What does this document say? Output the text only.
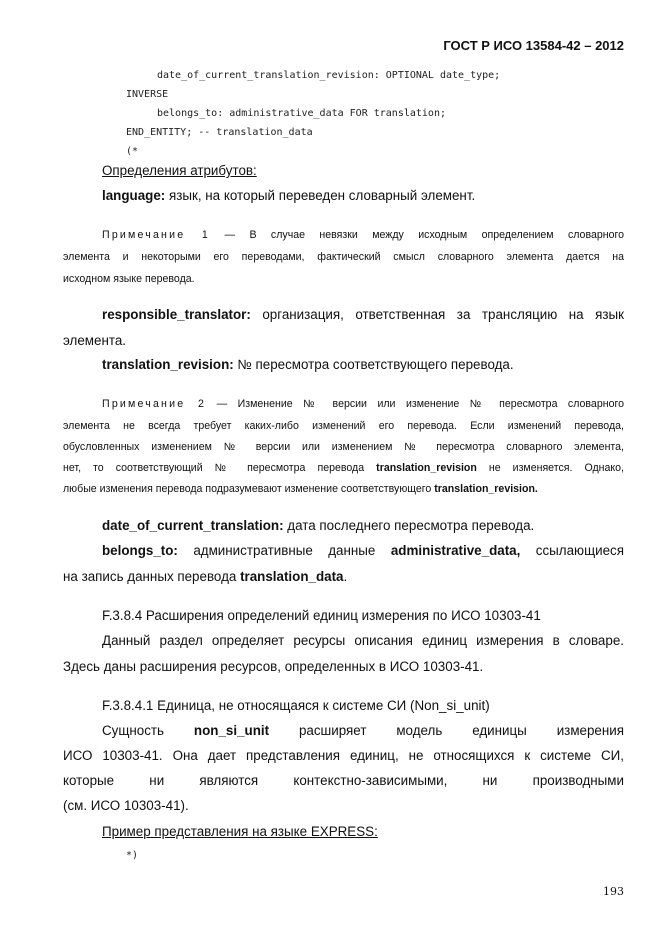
ГОСТ Р ИСО 13584-42 – 2012
date_of_current_translation_revision: OPTIONAL date_type;
INVERSE
belongs_to: administrative_data FOR translation;
END_ENTITY; -- translation_data
(*
Определения атрибутов:
language: язык, на который переведен словарный элемент.
Примечание 1 — В случае невязки между исходным определением словарного
элемента и некоторыми его переводами, фактический смысл словарного элемента дается на
исходном языке перевода.
responsible_translator: организация, ответственная за трансляцию на язык
элемента.
translation_revision: № пересмотра соответствующего перевода.
Примечание 2 — Изменение № версии или изменение № пересмотра словарного
элемента не всегда требует каких-либо изменений его перевода. Если изменений перевода,
обусловленных изменением № версии или изменением № пересмотра словарного элемента,
нет, то соответствующий № пересмотра перевода translation_revision не изменяется. Однако,
любые изменения перевода подразумевают изменение соответствующего translation_revision.
date_of_current_translation: дата последнего пересмотра перевода.
belongs_to: административные данные administrative_data, ссылающиеся
на запись данных перевода translation_data.
F.3.8.4 Расширения определений единиц измерения по ИСО 10303-41
Данный раздел определяет ресурсы описания единиц измерения в словаре.
Здесь даны расширения ресурсов, определенных в ИСО 10303-41.
F.3.8.4.1 Единица, не относящаяся к системе СИ (Non_si_unit)
Сущность non_si_unit расширяет модель единицы измерения
ИСО 10303-41. Она дает представления единиц, не относящихся к системе СИ,
которые ни являются контекстно-зависимыми, ни производными
(см. ИСО 10303-41).
Пример представления на языке EXPRESS:
*)
193
